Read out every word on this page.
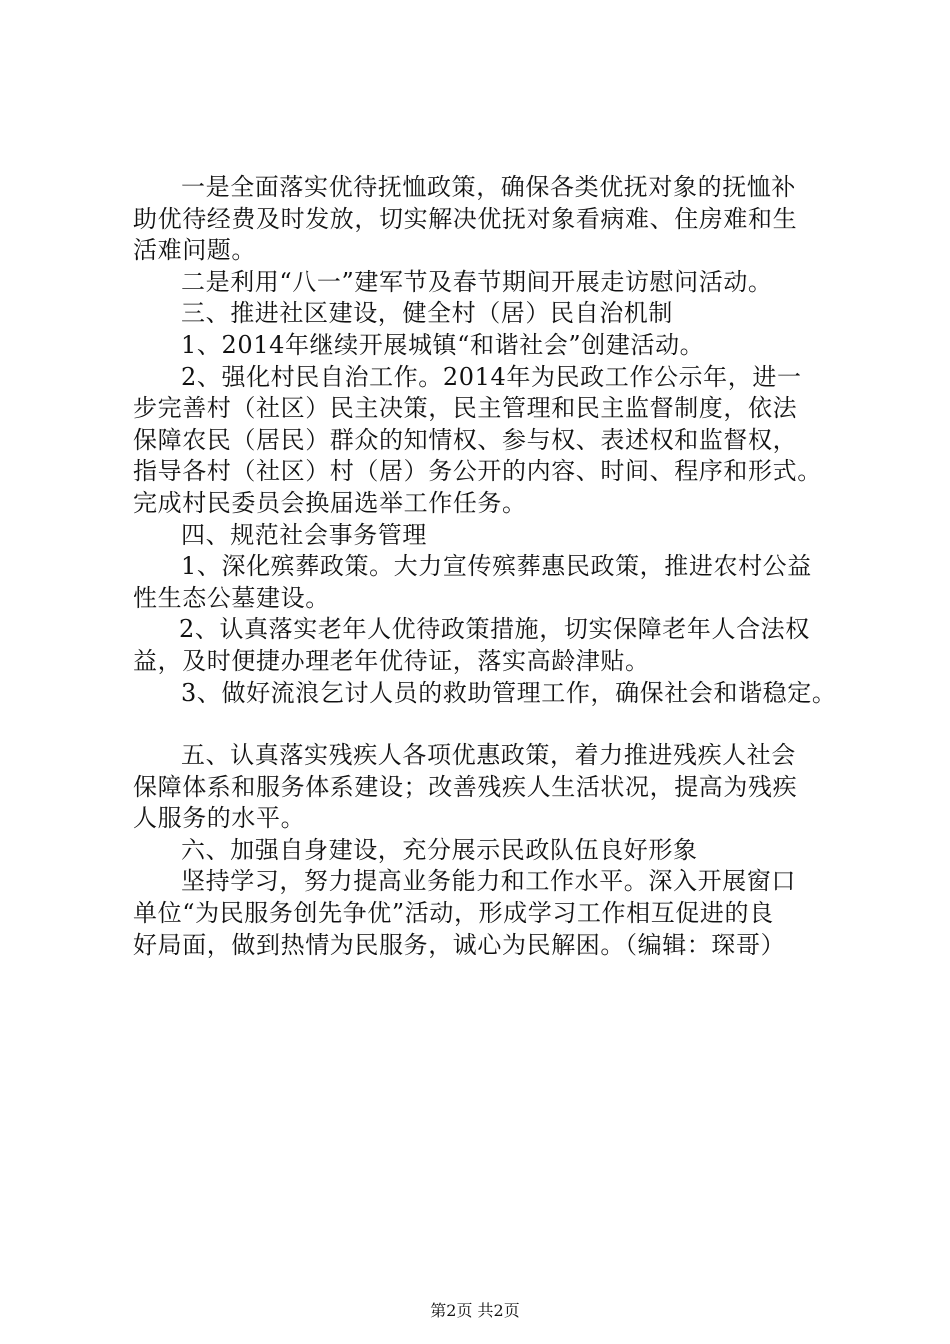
一是全面落实优待抚恤政策，确保各类优抚对象的抚恤补
助优待经费及时发放，切实解决优抚对象看病难、住房难和生
活难问题。
二是利用“八一”建军节及春节期间开展走访慰问活动。
三、推进社区建设，健全村（居）民自治机制
1、2014年继续开展城镇“和谐社会”创建活动。
2、强化村民自治工作。2014年为民政工作公示年，进一
步完善村（社区）民主决策，民主管理和民主监督制度，依法
保障农民（居民）群众的知情权、参与权、表述权和监督权，
指导各村（社区）村（居）务公开的内容、时间、程序和形式。
完成村民委员会换届选举工作任务。
四、规范社会事务管理
1、深化殡葬政策。大力宣传殡葬惠民政策，推进农村公益
性生态公墓建设。
2、认真落实老年人优待政策措施，切实保障老年人合法权
益，及时便捷办理老年优待证，落实高龄津贴。
3、做好流浪乞讨人员的救助管理工作，确保社会和谐稳定。
五、认真落实残疾人各项优惠政策，着力推进残疾人社会
保障体系和服务体系建设；改善残疾人生活状况，提高为残疾
人服务的水平。
六、加强自身建设，充分展示民政队伍良好形象
坚持学习，努力提高业务能力和工作水平。深入开展窗口
单位“为民服务创先争优”活动，形成学习工作相互促进的良
好局面，做到热情为民服务，诚心为民解困。（编辑：琛哥）
第2页 共2页
